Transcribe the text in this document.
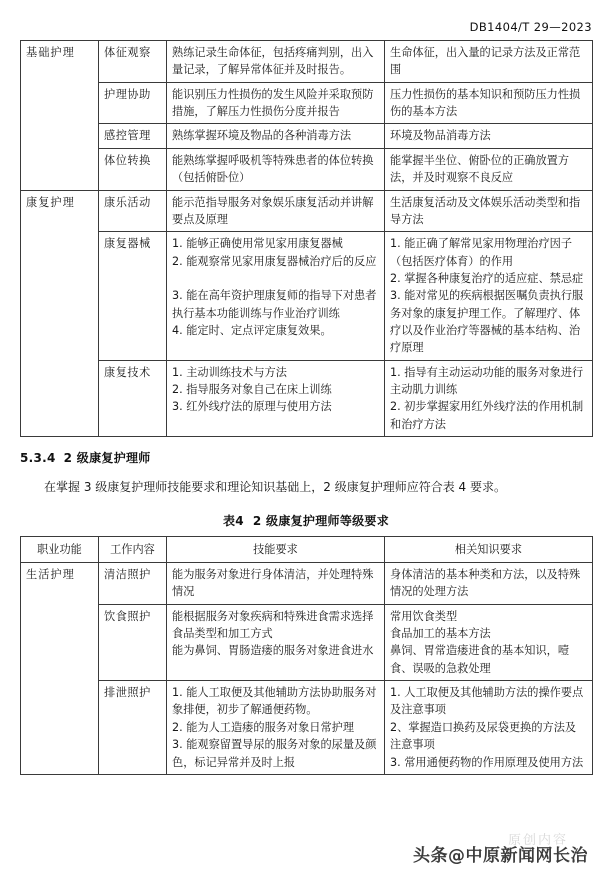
DB1404/T 29—2023
基础护理	体征观察	熟练记录生命体征，包括疼痛判别，出入量记录，了解异常体征并及时报告。	生命体征，出入量的记录方法及正常范围

	护理协助	能识别压力性损伤的发生风险并采取预防措施，了解压力性损伤分度并报告	压力性损伤的基本知识和预防压力性损伤的基本方法

	感控管理	熟练掌握环境及物品的各种消毒方法	环境及物品消毒方法

	体位转换	能熟练掌握呼吸机等特殊患者的体位转换（包括俯卧位）	能掌握半坐位、俯卧位的正确放置方法，并及时观察不良反应

康复护理	康乐活动	能示范指导服务对象娱乐康复活动并讲解要点及原理	生活康复活动及文体娱乐活动类型和指导方法

	康复器械	1. 能够正确使用常见家用康复器械
2. 能观察常见家用康复器械治疗后的反应

3. 能在高年资护理康复师的指导下对患者执行基本功能训练与作业治疗训练
4. 能定时、定点评定康复效果。	1. 能正确了解常见家用物理治疗因子（包括医疗体育）的作用
2. 掌握各种康复治疗的适应症、禁忌症
3. 能对常见的疾病根据医嘱负责执行服务对象的康复护理工作。了解理疗、体疗以及作业治疗等器械的基本结构、治疗原理

	康复技术	1. 主动训练技术与方法
2. 指导服务对象自己在床上训练
3. 红外线疗法的原理与使用方法	1. 指导有主动运动功能的服务对象进行主动肌力训练
2. 初步掌握家用红外线疗法的作用机制和治疗方法
5.3.4 2 级康复护理师

在掌握 3 级康复护理师技能要求和理论知识基础上，2 级康复护理师应符合表 4 要求。

表4 2 级康复护理师等级要求
职业功能	工作内容	技能要求	相关知识要求
生活护理	清洁照护	能为服务对象进行身体清洁，并处理特殊情况	身体清洁的基本种类和方法，以及特殊情况的处理方法

	饮食照护	能根据服务对象疾病和特殊进食需求选择食品类型和加工方式
能为鼻饲、胃肠造瘘的服务对象进食进水	常用饮食类型
食品加工的基本方法
鼻饲、胃常造瘘进食的基本知识，噎食、误吸的急救处理

	排泄照护	1. 能人工取便及其他辅助方法协助服务对象排便，初步了解通便药物。
2. 能为人工造瘘的服务对象日常护理
3. 能观察留置导尿的服务对象的尿量及颜色，标记异常并及时上报	1. 人工取便及其他辅助方法的操作要点及注意事项
2、掌握造口换药及尿袋更换的方法及注意事项
3. 常用通便药物的作用原理及使用方法
原创内容
头条@中原新闻网长治
